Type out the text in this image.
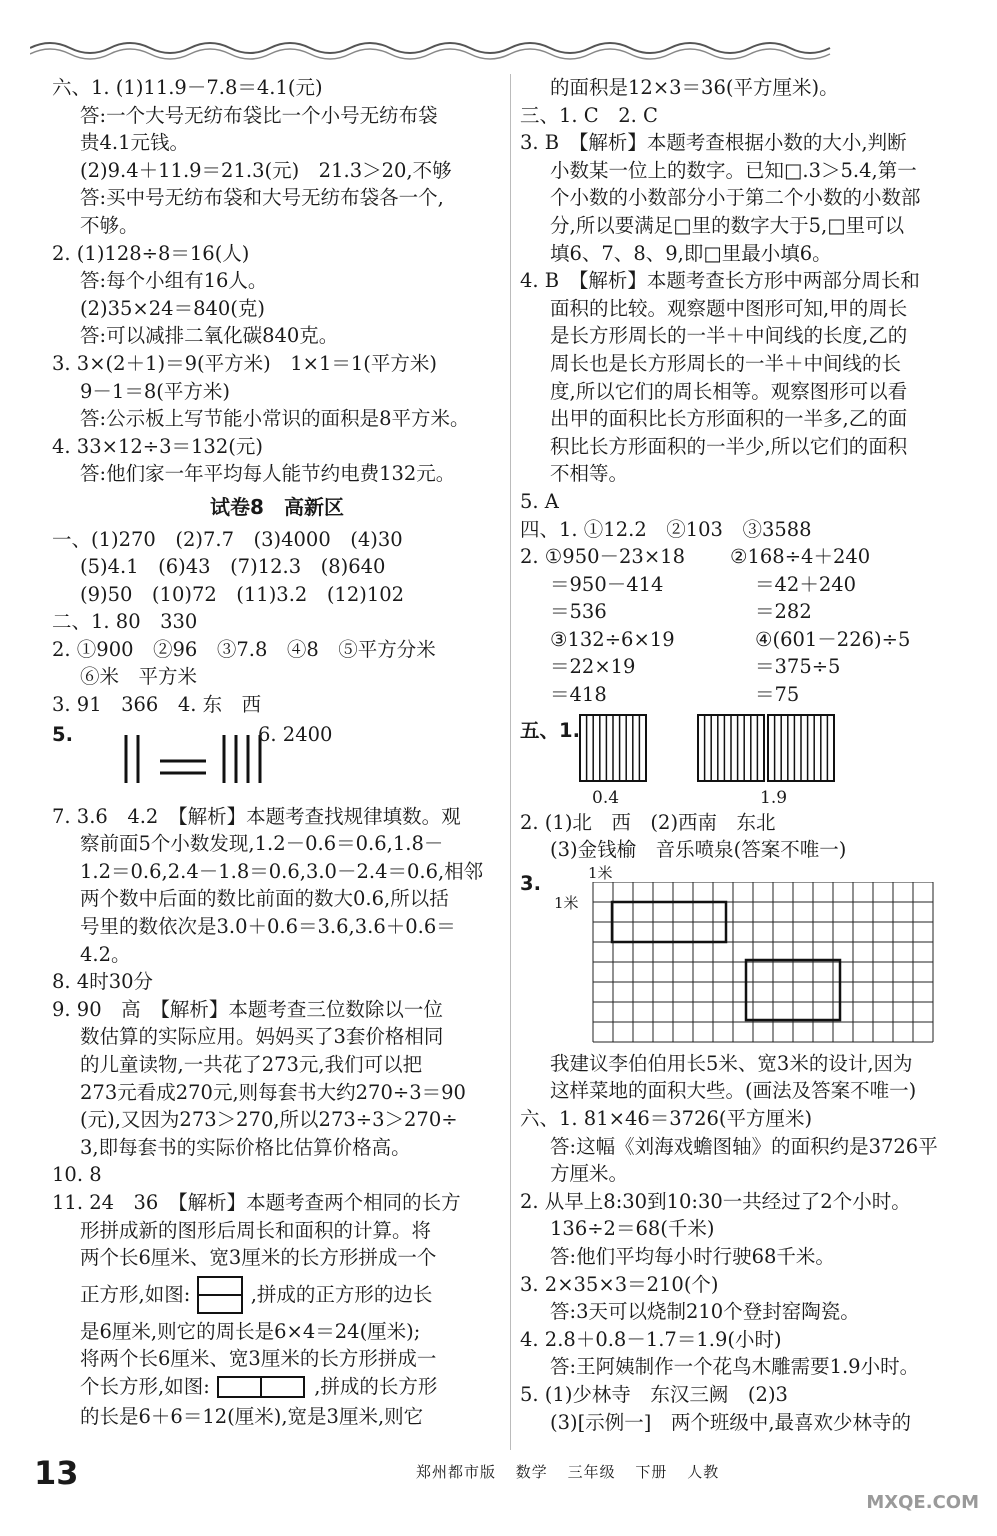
六、1. (1)11.9－7.8＝4.1(元)
答:一个大号无纺布袋比一个小号无纺布袋
贵4.1元钱。
(2)9.4＋11.9＝21.3(元)　21.3＞20,不够
答:买中号无纺布袋和大号无纺布袋各一个,
不够。
2. (1)128÷8＝16(人)
答:每个小组有16人。
(2)35×24＝840(克)
答:可以减排二氧化碳840克。
3. 3×(2＋1)＝9(平方米)　1×1＝1(平方米)
9－1＝8(平方米)
答:公示板上写节能小常识的面积是8平方米。
4. 33×12÷3＝132(元)
答:他们家一年平均每人能节约电费132元。
试卷8　高新区
一、(1)270　(2)7.7　(3)4000　(4)30
(5)4.1　(6)43　(7)12.3　(8)640
(9)50　(10)72　(11)3.2　(12)102
二、1. 80　330
2. ①900　②96　③7.8　④8　⑤平方分米
⑥米　平方米
3. 91　366　4. 东　西
5.	6. 2400
7. 3.6　4.2　【解析】本题考查找规律填数。观
察前面5个小数发现,1.2－0.6＝0.6,1.8－
1.2＝0.6,2.4－1.8＝0.6,3.0－2.4＝0.6,相邻
两个数中后面的数比前面的数大0.6,所以括
号里的数依次是3.0＋0.6＝3.6,3.6＋0.6＝
4.2。
8. 4时30分
9. 90　高　【解析】本题考查三位数除以一位
数估算的实际应用。妈妈买了3套价格相同
的儿童读物,一共花了273元,我们可以把
273元看成270元,则每套书大约270÷3＝90
(元),又因为273＞270,所以273÷3＞270÷
3,即每套书的实际价格比估算价格高。
10. 8
11. 24　36　【解析】本题考查两个相同的长方
形拼成新的图形后周长和面积的计算。将
两个长6厘米、宽3厘米的长方形拼成一个
正方形,如图:	,拼成的正方形的边长
是6厘米,则它的周长是6×4＝24(厘米);
将两个长6厘米、宽3厘米的长方形拼成一
个长方形,如图:	,拼成的长方形
的长是6＋6＝12(厘米),宽是3厘米,则它
的面积是12×3＝36(平方厘米)。
三、1. C　2. C
3. B　【解析】本题考查根据小数的大小,判断
小数某一位上的数字。已知□.3＞5.4,第一
个小数的小数部分小于第二个小数的小数部
分,所以要满足□里的数字大于5,□里可以
填6、7、8、9,即□里最小填6。
4. B　【解析】本题考查长方形中两部分周长和
面积的比较。观察题中图形可知,甲的周长
是长方形周长的一半＋中间线的长度,乙的
周长也是长方形周长的一半＋中间线的长
度,所以它们的周长相等。观察图形可以看
出甲的面积比长方形面积的一半多,乙的面
积比长方形面积的一半少,所以它们的面积
不相等。
5. A
四、1. ①12.2　②103　③3588
2. ①950－23×18	②168÷4＋240
＝950－414	＝42＋240
＝536	＝282
③132÷6×19	④(601－226)÷5
＝22×19	＝375÷5
＝418	＝75
五、1.
0.4	1.9
2. (1)北　西　(2)西南　东北
(3)金钱榆　音乐喷泉(答案不唯一)
3.	1米
1米
我建议李伯伯用长5米、宽3米的设计,因为
这样菜地的面积大些。(画法及答案不唯一)
六、1. 81×46＝3726(平方厘米)
答:这幅《刘海戏蟾图轴》的面积约是3726平
方厘米。
2. 从早上8:30到10:30一共经过了2个小时。
136÷2＝68(千米)
答:他们平均每小时行驶68千米。
3. 2×35×3＝210(个)
答:3天可以烧制210个登封窑陶瓷。
4. 2.8＋0.8－1.7＝1.9(小时)
答:王阿姨制作一个花鸟木雕需要1.9小时。
5. (1)少林寺　东汉三阙　(2)3
(3)[示例一]　两个班级中,最喜欢少林寺的
13	郑州都市版 数学 三年级 下册 人教
MXQE.COM
